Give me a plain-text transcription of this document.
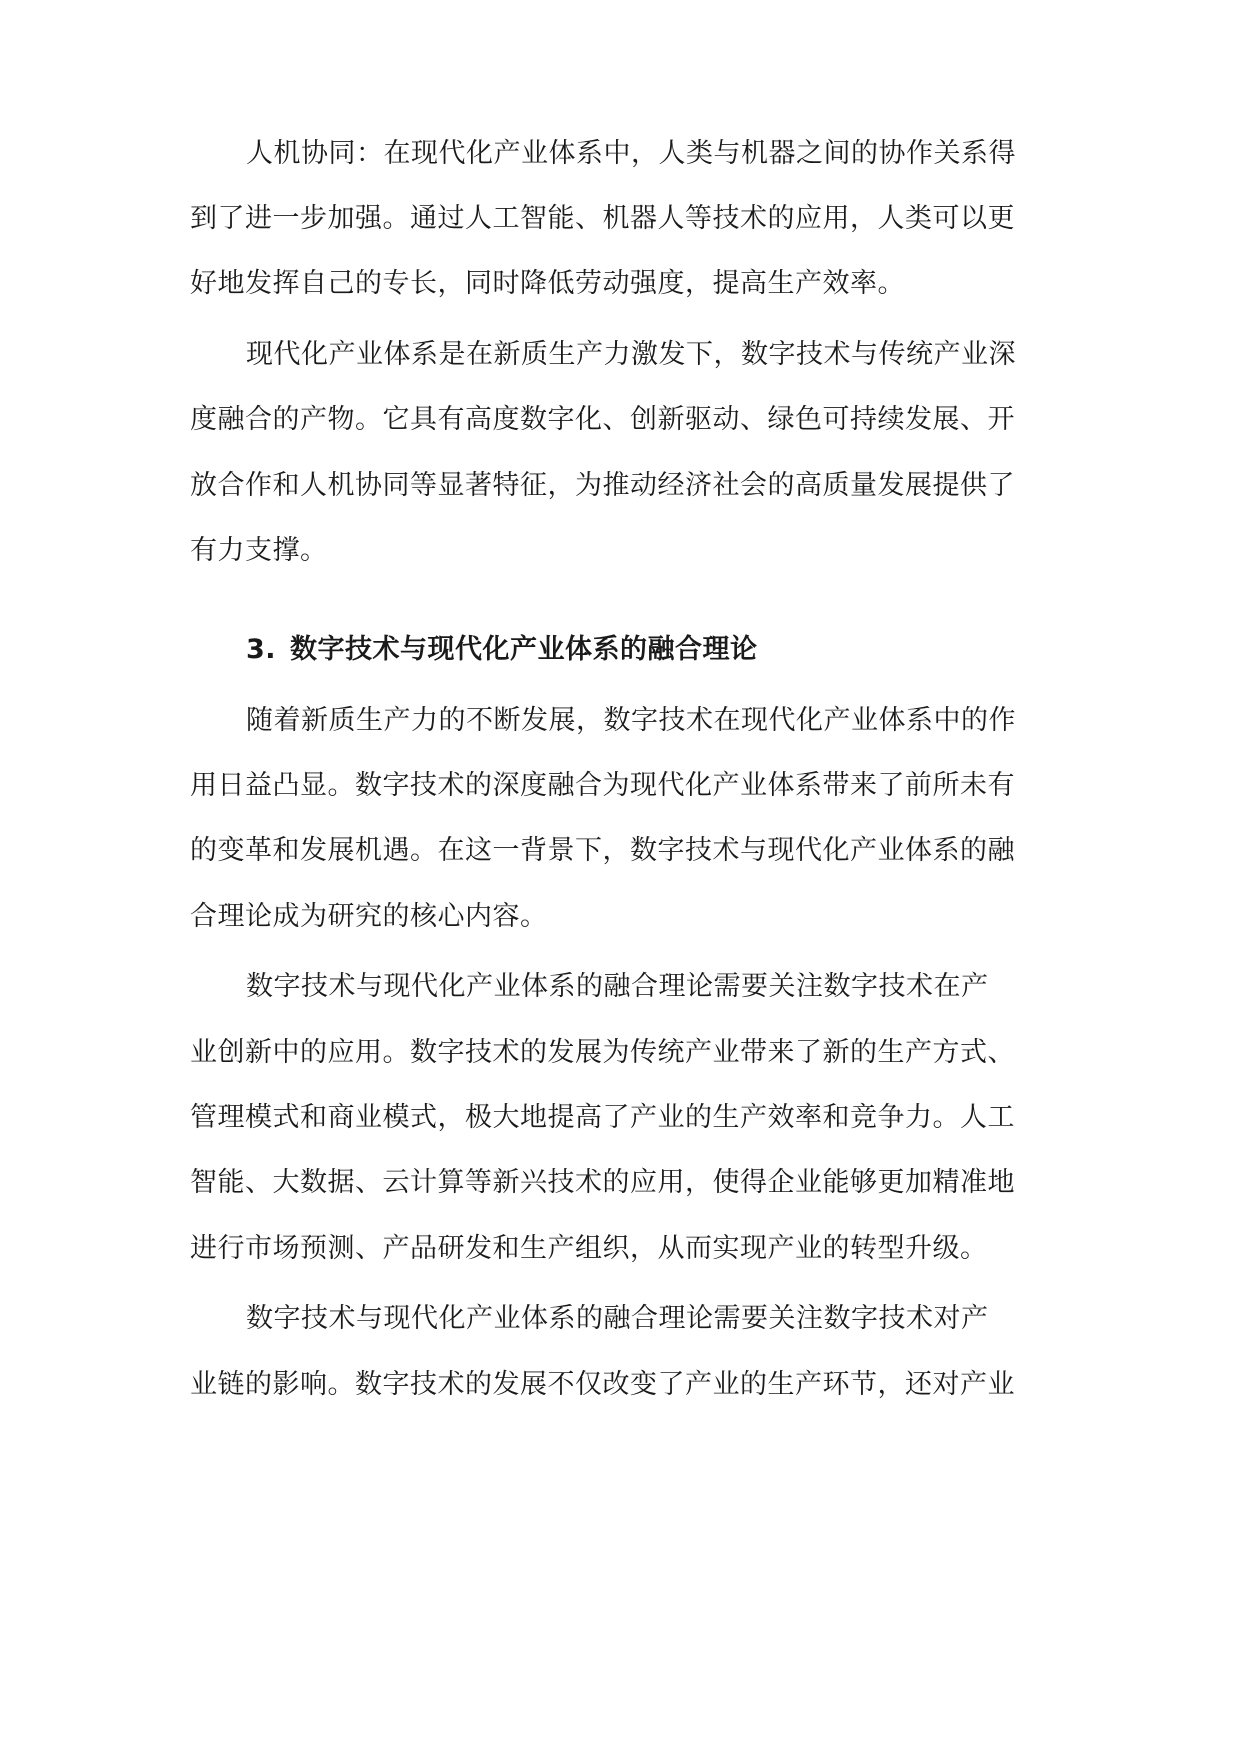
人机协同：在现代化产业体系中，人类与机器之间的协作关系得
到了进一步加强。通过人工智能、机器人等技术的应用，人类可以更
好地发挥自己的专长，同时降低劳动强度，提高生产效率。
现代化产业体系是在新质生产力激发下，数字技术与传统产业深
度融合的产物。它具有高度数字化、创新驱动、绿色可持续发展、开
放合作和人机协同等显著特征，为推动经济社会的高质量发展提供了
有力支撑。
3. 数字技术与现代化产业体系的融合理论
随着新质生产力的不断发展，数字技术在现代化产业体系中的作
用日益凸显。数字技术的深度融合为现代化产业体系带来了前所未有
的变革和发展机遇。在这一背景下，数字技术与现代化产业体系的融
合理论成为研究的核心内容。
数字技术与现代化产业体系的融合理论需要关注数字技术在产
业创新中的应用。数字技术的发展为传统产业带来了新的生产方式、
管理模式和商业模式，极大地提高了产业的生产效率和竞争力。人工
智能、大数据、云计算等新兴技术的应用，使得企业能够更加精准地
进行市场预测、产品研发和生产组织，从而实现产业的转型升级。
数字技术与现代化产业体系的融合理论需要关注数字技术对产
业链的影响。数字技术的发展不仅改变了产业的生产环节，还对产业
